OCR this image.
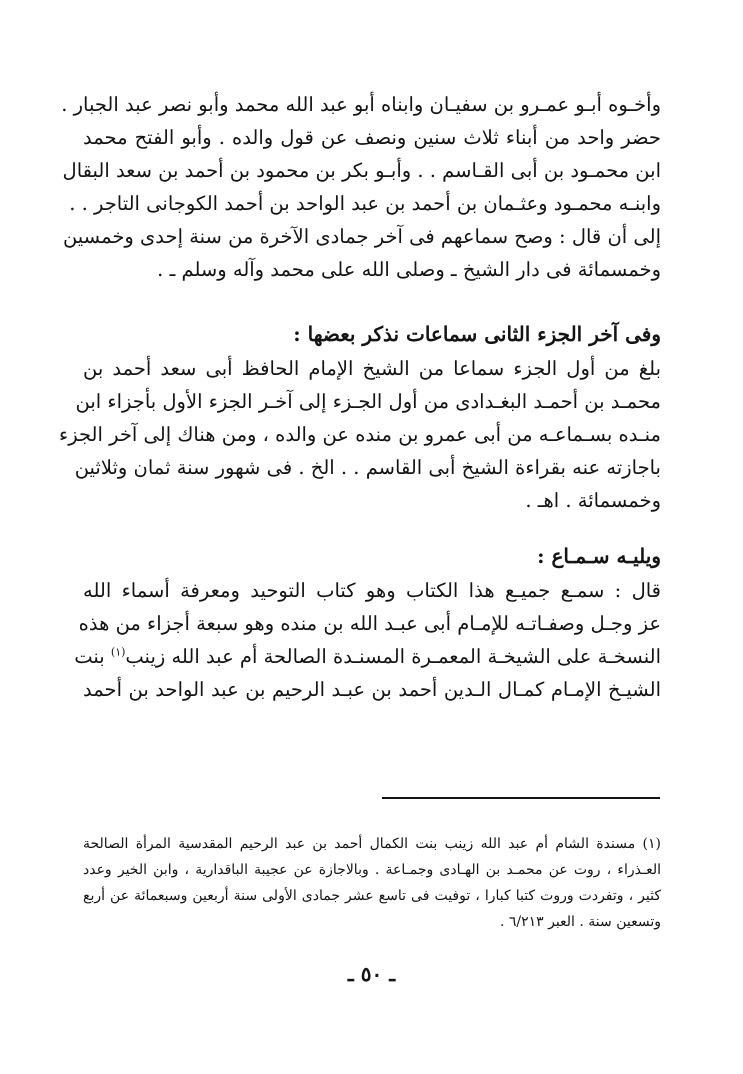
وأخـوه أبـو عمـرو بن سفيـان وابناه أبو عبد الله محمد وأبو نصر عبد الجبار .
حضر واحد من أبناء ثلاث سنين ونصف عن قول والده . وأبو الفتح محمد
ابن محمـود بن أبى القـاسم . . وأبـو بكر بن محمود بن أحمد بن سعد البقال
وابنـه محمـود وعثـمان بن أحمد بن عبد الواحد بن أحمد الكوجانى التاجر . .
إلى أن قال : وصح سماعهم فى آخر جمادى الآخرة من سنة إحدى وخمسين
وخمسمائة فى دار الشيخ ـ وصلى الله على محمد وآله وسلم ـ .
وفى آخر الجزء الثانى سماعات نذكر بعضها :
بلغ من أول الجزء سماعا من الشيخ الإمام الحافظ أبى سعد أحمد بن
محمـد بن أحمـد البغـدادى من أول الجـزء إلى آخـر الجزء الأول بأجزاء ابن
منـده بسـماعـه من أبى عمرو بن منده عن والده ، ومن هناك إلى آخر الجزء
باجازته عنه بقراءة الشيخ أبى القاسم . . الخ . فى شهور سنة ثمان وثلاثين
وخمسمائة . اهـ .
ويليـه سـمـاع :
قال : سمـع جميـع هذا الكتاب وهو كتاب التوحيد ومعرفة أسماء الله
عز وجـل وصفـاتـه للإمـام أبى عبـد الله بن منده وهو سبعة أجزاء من هذه
النسخـة على الشيخـة المعمـرة المسنـدة الصالحة أم عبد الله زينب$^{(١)}$ بنت
الشيـخ الإمـام كمـال الـدين أحمد بن عبـد الرحيم بن عبد الواحد بن أحمد
(١) مسندة الشام أم عبد الله زينب بنت الكمال أحمد بن عبد الرحيم المقدسية المرأة الصالحة
العـذراء ، روت عن محمـد بن الهـادى وجمـاعة . وبالاجازة عن عجيبة الباقدارية ، وابن الخير وعدد
كثير ، وتفردت وروت كتبا كبارا ، توفيت فى تاسع عشر جمادى الأولى سنة أربعين وسبعمائة عن أربع
وتسعين سنة . العبر ٦/٢١٣ .
ـ ٥٠ ـ
